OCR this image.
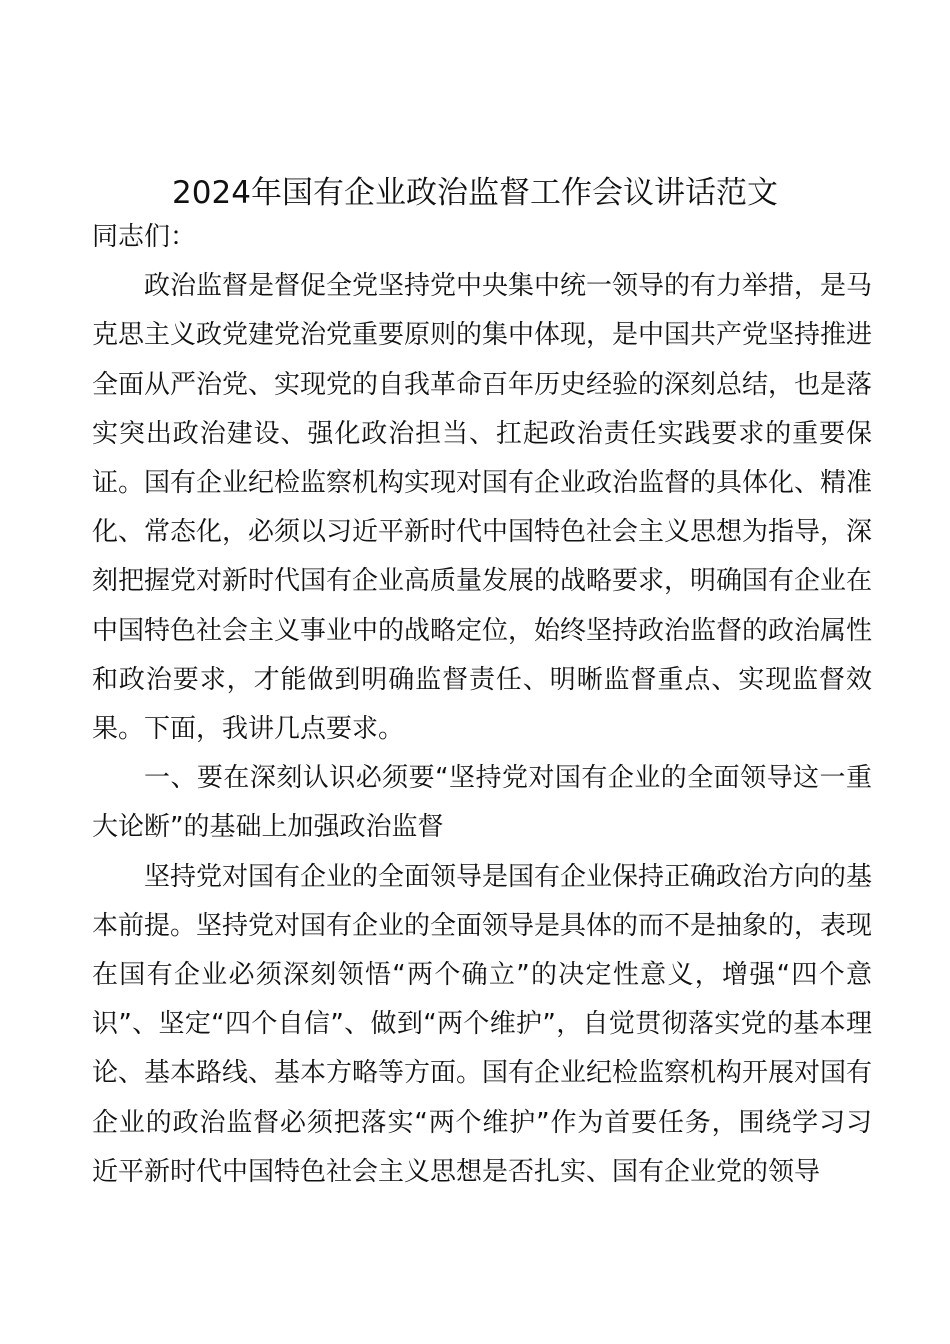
2024年国有企业政治监督工作会议讲话范文

同志们：

政治监督是督促全党坚持党中央集中统一领导的有力举措，是马克思主义政党建党治党重要原则的集中体现，是中国共产党坚持推进全面从严治党、实现党的自我革命百年历史经验的深刻总结，也是落实突出政治建设、强化政治担当、扛起政治责任实践要求的重要保证。国有企业纪检监察机构实现对国有企业政治监督的具体化、精准化、常态化，必须以习近平新时代中国特色社会主义思想为指导，深刻把握党对新时代国有企业高质量发展的战略要求，明确国有企业在中国特色社会主义事业中的战略定位，始终坚持政治监督的政治属性和政治要求，才能做到明确监督责任、明晰监督重点、实现监督效果。下面，我讲几点要求。

一、要在深刻认识必须要“坚持党对国有企业的全面领导这一重大论断”的基础上加强政治监督

坚持党对国有企业的全面领导是国有企业保持正确政治方向的基本前提。坚持党对国有企业的全面领导是具体的而不是抽象的，表现在国有企业必须深刻领悟“两个确立”的决定性意义，增强“四个意识”、坚定“四个自信”、做到“两个维护”，自觉贯彻落实党的基本理论、基本路线、基本方略等方面。国有企业纪检监察机构开展对国有企业的政治监督必须把落实“两个维护”作为首要任务，围绕学习习近平新时代中国特色社会主义思想是否扎实、国有企业党的领导
